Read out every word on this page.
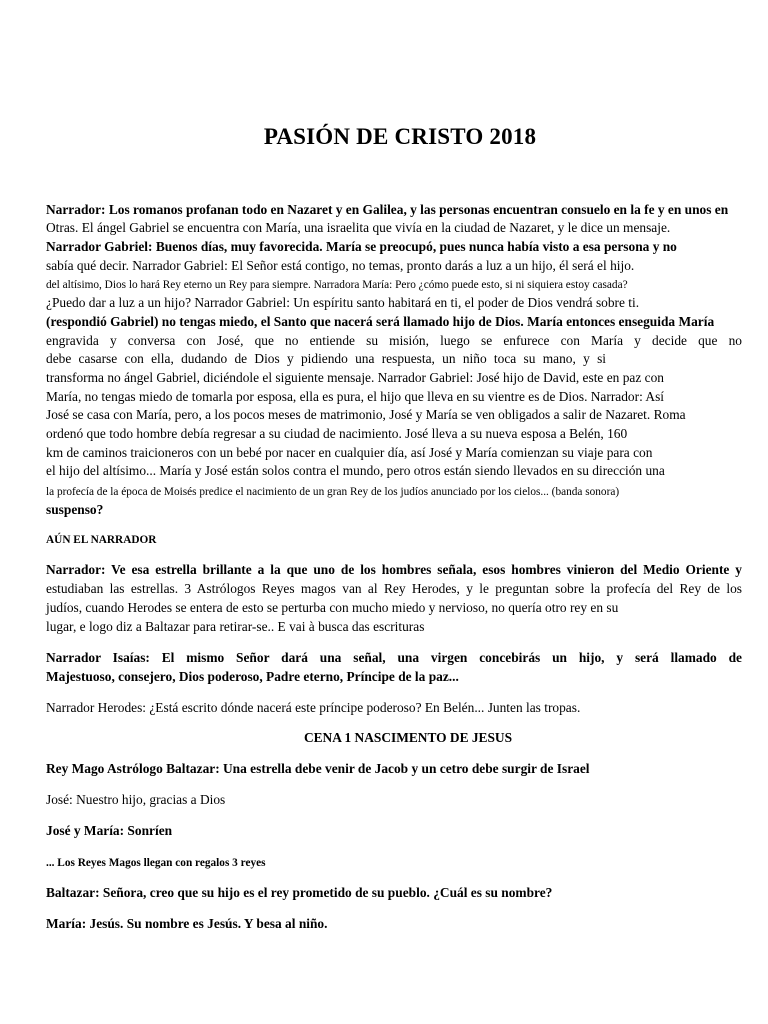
PASIÓN DE CRISTO 2018
Narrador: Los romanos profanan todo en Nazaret y en Galilea, y las personas encuentran consuelo en la fe y en unos en
Otras. El ángel Gabriel se encuentra con María, una israelita que vivía en la ciudad de Nazaret, y le dice un mensaje.
Narrador Gabriel: Buenos días, muy favorecida. María se preocupó, pues nunca había visto a esa persona y no
sabía qué decir. Narrador Gabriel: El Señor está contigo, no temas, pronto darás a luz a un hijo, él será el hijo.
del altísimo, Dios lo hará Rey eterno un Rey para siempre. Narradora María: Pero ¿cómo puede esto, si ni siquiera estoy casada?
¿Puedo dar a luz a un hijo? Narrador Gabriel: Un espíritu santo habitará en ti, el poder de Dios vendrá sobre ti.
(respondió Gabriel) no tengas miedo, el Santo que nacerá será llamado hijo de Dios. María entonces enseguida María
engravida y conversa con José, que no entiende su misión, luego se enfurece con María y decide que no
debe casarse con ella, dudando de Dios y pidiendo una respuesta, un niño toca su mano, y si
transforma no ángel Gabriel, diciéndole el siguiente mensaje. Narrador Gabriel: José hijo de David, este en paz con
María, no tengas miedo de tomarla por esposa, ella es pura, el hijo que lleva en su vientre es de Dios. Narrador: Así
José se casa con María, pero, a los pocos meses de matrimonio, José y María se ven obligados a salir de Nazaret. Roma
ordenó que todo hombre debía regresar a su ciudad de nacimiento. José lleva a su nueva esposa a Belén, 160
km de caminos traicioneros con un bebé por nacer en cualquier día, así José y María comienzan su viaje para con
el hijo del altísimo... María y José están solos contra el mundo, pero otros están siendo llevados en su dirección una
la profecía de la época de Moisés predice el nacimiento de un gran Rey de los judíos anunciado por los cielos... (banda sonora)
suspenso?
AÚN EL NARRADOR
Narrador: Ve esa estrella brillante a la que uno de los hombres señala, esos hombres vinieron del Medio Oriente y
estudiaban las estrellas. 3 Astrólogos Reyes magos van al Rey Herodes, y le preguntan sobre la profecía del Rey de los
judíos, cuando Herodes se entera de esto se perturba con mucho miedo y nervioso, no quería otro rey en su
lugar, e logo diz a Baltazar para retirar-se.. E vai à busca das escrituras
Narrador Isaías: El mismo Señor dará una señal, una virgen concebirás un hijo, y será llamado de
Majestuoso, consejero, Dios poderoso, Padre eterno, Príncipe de la paz...
Narrador Herodes: ¿Está escrito dónde nacerá este príncipe poderoso? En Belén... Junten las tropas.
CENA 1 NASCIMENTO DE JESUS
Rey Mago Astrólogo Baltazar: Una estrella debe venir de Jacob y un cetro debe surgir de Israel
José: Nuestro hijo, gracias a Dios
José y María: Sonríen
... Los Reyes Magos llegan con regalos 3 reyes
Baltazar: Señora, creo que su hijo es el rey prometido de su pueblo. ¿Cuál es su nombre?
María: Jesús. Su nombre es Jesús. Y besa al niño.
